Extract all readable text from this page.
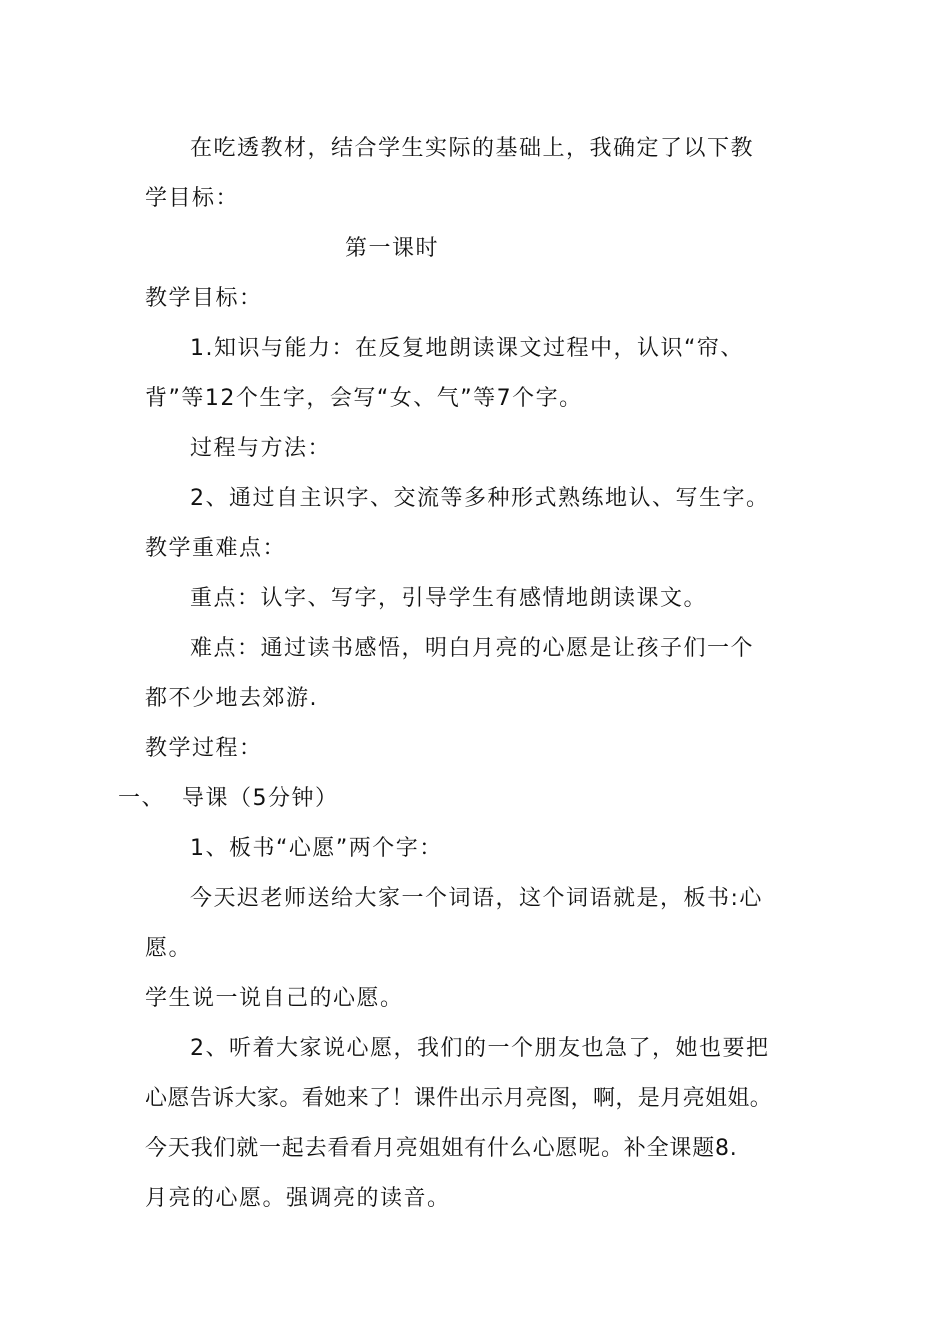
在吃透教材，结合学生实际的基础上，我确定了以下教
学目标：
第一课时
教学目标：
1.知识与能力：在反复地朗读课文过程中，认识“帘、
背”等12个生字，会写“女、气”等7个字。
过程与方法：
2、通过自主识字、交流等多种形式熟练地认、写生字。
教学重难点：
重点：认字、写字，引导学生有感情地朗读课文。
难点：通过读书感悟，明白月亮的心愿是让孩子们一个
都不少地去郊游.
教学过程：
一、  导课（5分钟）
1、板书“心愿”两个字：
今天迟老师送给大家一个词语，这个词语就是，板书:心
愿。
学生说一说自己的心愿。
2、听着大家说心愿，我们的一个朋友也急了，她也要把
心愿告诉大家。看她来了！课件出示月亮图，啊，是月亮姐姐。
今天我们就一起去看看月亮姐姐有什么心愿呢。补全课题8.
月亮的心愿。强调亮的读音。
